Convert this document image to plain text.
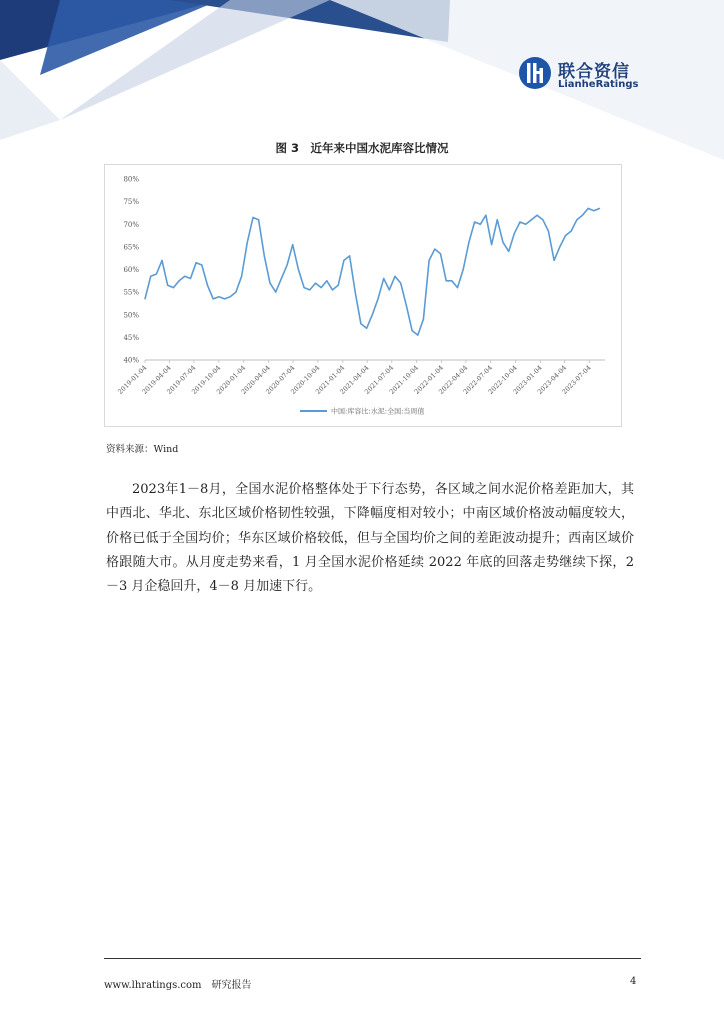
联合资信
LianheRatings
图 3　近年来中国水泥库容比情况
80%
75%
70%
65%
60%
55%
50%
45%
40%
2019-01-04
2019-04-04
2019-07-04
2019-10-04
2020-01-04
2020-04-04
2020-07-04
2020-10-04
2021-01-04
2021-04-04
2021-07-04
2021-10-04
2022-01-04
2022-04-04
2022-07-04
2022-10-04
2023-01-04
2023-04-04
2023-07-04
中国:库容比:水泥:全国:当周值
资料来源：Wind

2023年1－8月，全国水泥价格整体处于下行态势，各区域之间水泥价格差距加大，其中西北、华北、东北区域价格韧性较强，下降幅度相对较小；中南区域价格波动幅度较大，价格已低于全国均价；华东区域价格较低，但与全国均价之间的差距波动提升；西南区域价格跟随大市。从月度走势来看，1 月全国水泥价格延续 2022 年底的回落走势继续下探，2－3 月企稳回升，4－8 月加速下行。

www.lhratings.com　研究报告	4
